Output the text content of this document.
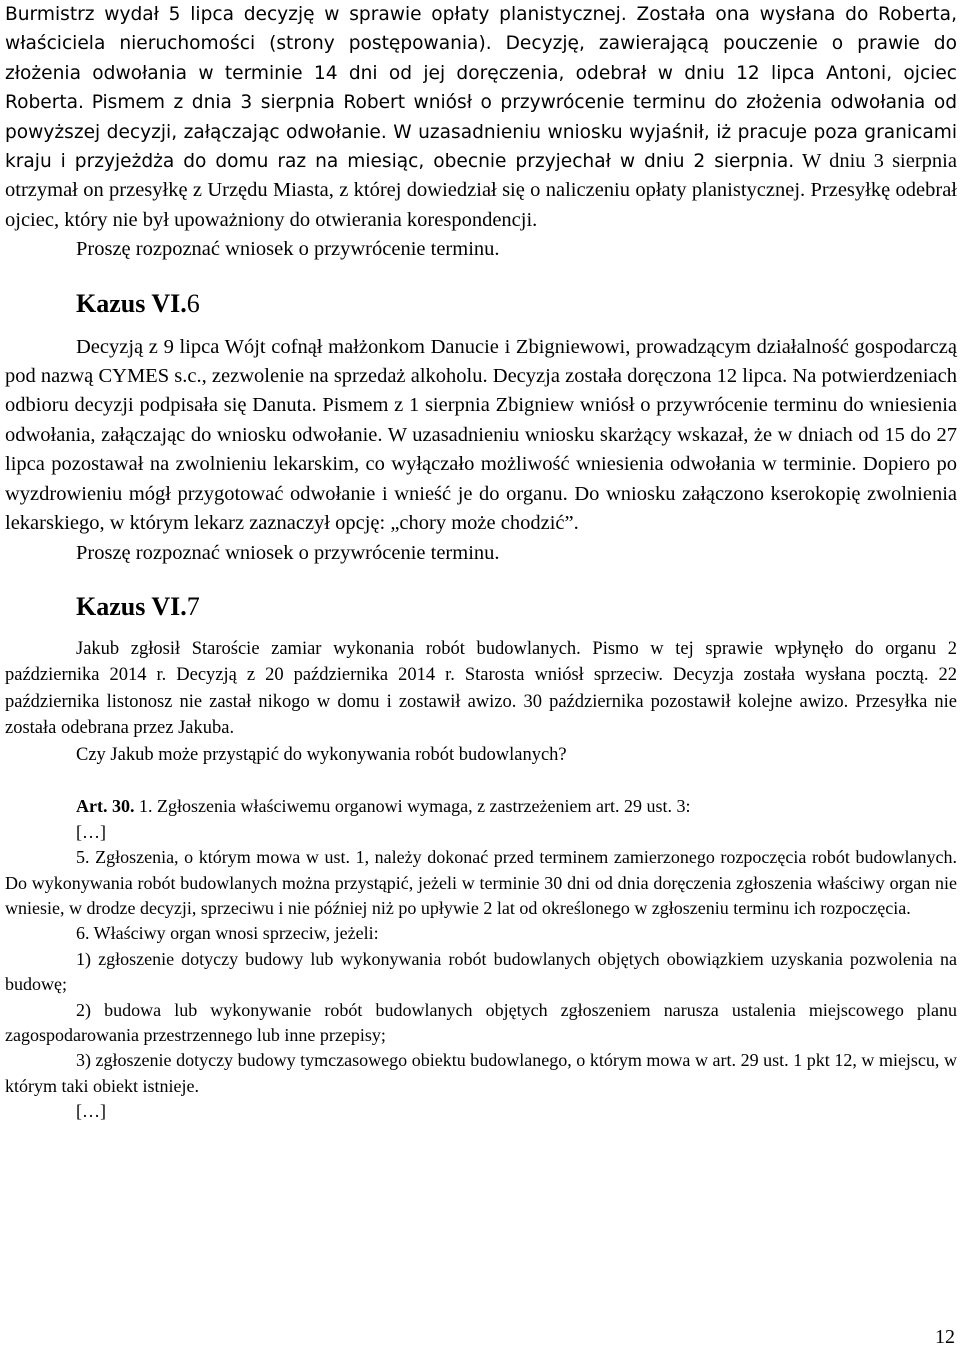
Burmistrz wydał 5 lipca decyzję w sprawie opłaty planistycznej. Została ona wysłana do Roberta, właściciela nieruchomości (strony postępowania). Decyzję, zawierającą pouczenie o prawie do złożenia odwołania w terminie 14 dni od jej doręczenia, odebrał w dniu 12 lipca Antoni, ojciec Roberta. Pismem z dnia 3 sierpnia Robert wniósł o przywrócenie terminu do złożenia odwołania od powyższej decyzji, załączając odwołanie. W uzasadnieniu wniosku wyjaśnił, iż pracuje poza granicami kraju i przyjeżdża do domu raz na miesiąc, obecnie przyjechał w dniu 2 sierpnia. W dniu 3 sierpnia otrzymał on przesyłkę z Urzędu Miasta, z której dowiedział się o naliczeniu opłaty planistycznej. Przesyłkę odebrał ojciec, który nie był upoważniony do otwierania korespondencji.

Proszę rozpoznać wniosek o przywrócenie terminu.

Kazus VI.6

Decyzją z 9 lipca Wójt cofnął małżonkom Danucie i Zbigniewowi, prowadzącym działalność gospodarczą pod nazwą CYMES s.c., zezwolenie na sprzedaż alkoholu. Decyzja została doręczona 12 lipca. Na potwierdzeniach odbioru decyzji podpisała się Danuta. Pismem z 1 sierpnia Zbigniew wniósł o przywrócenie terminu do wniesienia odwołania, załączając do wniosku odwołanie. W uzasadnieniu wniosku skarżący wskazał, że w dniach od 15 do 27 lipca pozostawał na zwolnieniu lekarskim, co wyłączało możliwość wniesienia odwołania w terminie. Dopiero po wyzdrowieniu mógł przygotować odwołanie i wnieść je do organu. Do wniosku załączono kserokopię zwolnienia lekarskiego, w którym lekarz zaznaczył opcję: „chory może chodzić”.

Proszę rozpoznać wniosek o przywrócenie terminu.

Kazus VI.7

Jakub zgłosił Staroście zamiar wykonania robót budowlanych. Pismo w tej sprawie wpłynęło do organu 2 października 2014 r. Decyzją z 20 października 2014 r. Starosta wniósł sprzeciw. Decyzja została wysłana pocztą. 22 października listonosz nie zastał nikogo w domu i zostawił awizo. 30 października pozostawił kolejne awizo. Przesyłka nie została odebrana przez Jakuba.

Czy Jakub może przystąpić do wykonywania robót budowlanych?

Art. 30. 1. Zgłoszenia właściwemu organowi wymaga, z zastrzeżeniem art. 29 ust. 3:

[…]

5. Zgłoszenia, o którym mowa w ust. 1, należy dokonać przed terminem zamierzonego rozpoczęcia robót budowlanych. Do wykonywania robót budowlanych można przystąpić, jeżeli w terminie 30 dni od dnia doręczenia zgłoszenia właściwy organ nie wniesie, w drodze decyzji, sprzeciwu i nie później niż po upływie 2 lat od określonego w zgłoszeniu terminu ich rozpoczęcia.

6. Właściwy organ wnosi sprzeciw, jeżeli:

1) zgłoszenie dotyczy budowy lub wykonywania robót budowlanych objętych obowiązkiem uzyskania pozwolenia na budowę;

2) budowa lub wykonywanie robót budowlanych objętych zgłoszeniem narusza ustalenia miejscowego planu zagospodarowania przestrzennego lub inne przepisy;

3) zgłoszenie dotyczy budowy tymczasowego obiektu budowlanego, o którym mowa w art. 29 ust. 1 pkt 12, w miejscu, w którym taki obiekt istnieje.

[…]

12
